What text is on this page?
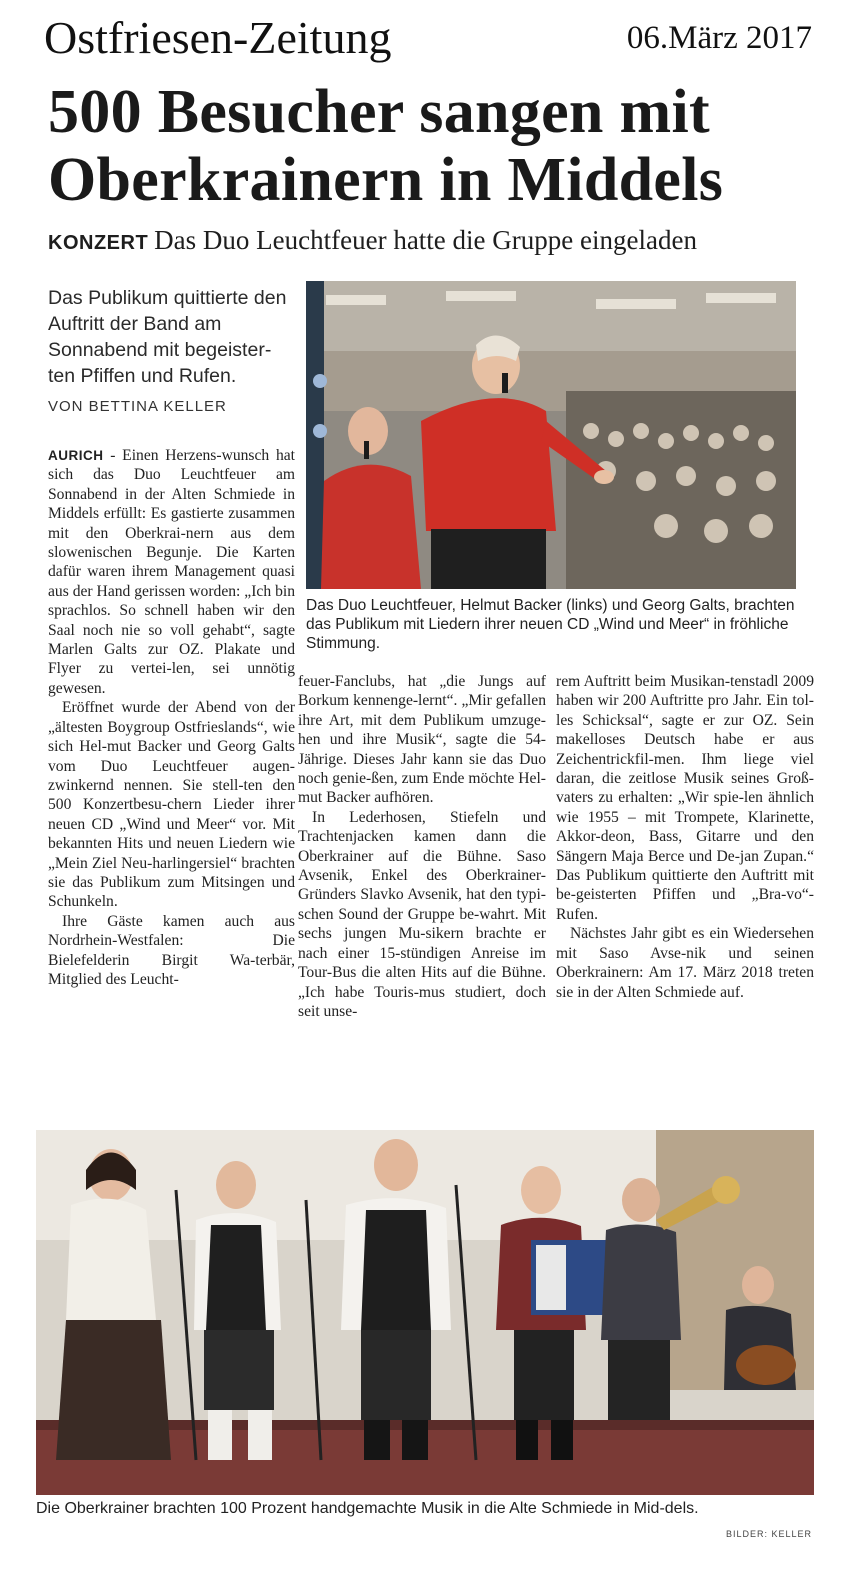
Ostfriesen-Zeitung	06.März 2017
500 Besucher sangen mit Oberkrainern in Middels
KONZERT Das Duo Leuchtfeuer hatte die Gruppe eingeladen
Das Publikum quittierte den Auftritt der Band am Sonnabend mit begeister-ten Pfiffen und Rufen.
VON BETTINA KELLER
Das Duo Leuchtfeuer, Helmut Backer (links) und Georg Galts, brachten das Publikum mit Liedern ihrer neuen CD „Wind und Meer“ in fröhliche Stimmung.

AURICH - Einen Herzens-wunsch hat sich das Duo Leuchtfeuer am Sonnabend in der Alten Schmiede in Middels erfüllt: Es gastierte zusammen mit den Oberkrai-nern aus dem slowenischen Begunje. Die Karten dafür waren ihrem Management quasi aus der Hand gerissen worden: „Ich bin sprachlos. So schnell haben wir den Saal noch nie so voll gehabt“, sagte Marlen Galts zur OZ. Plakate und Flyer zu vertei-len, sei unnötig gewesen.

Eröffnet wurde der Abend von der „ältesten Boygroup Ostfrieslands“, wie sich Hel-mut Backer und Georg Galts vom Duo Leuchtfeuer augen-zwinkernd nennen. Sie stell-ten den 500 Konzertbesu-chern Lieder ihrer neuen CD „Wind und Meer“ vor. Mit bekannten Hits und neuen Liedern wie „Mein Ziel Neu-harlingersiel“ brachten sie das Publikum zum Mitsingen und Schunkeln.

Ihre Gäste kamen auch aus Nordrhein-Westfalen: Die Bielefelderin Birgit Wa-terbär, Mitglied des Leucht-

feuer-Fanclubs, hat „die Jungs auf Borkum kennenge-lernt“. „Mir gefallen ihre Art, mit dem Publikum umzuge-hen und ihre Musik“, sagte die 54-Jährige. Dieses Jahr kann sie das Duo noch genie-ßen, zum Ende möchte Hel-mut Backer aufhören.

In Lederhosen, Stiefeln und Trachtenjacken kamen dann die Oberkrainer auf die Bühne. Saso Avsenik, Enkel des Oberkrainer-Gründers Slavko Avsenik, hat den typi-schen Sound der Gruppe be-wahrt. Mit sechs jungen Mu-sikern brachte er nach einer 15-stündigen Anreise im Tour-Bus die alten Hits auf die Bühne. „Ich habe Touris-mus studiert, doch seit unse-

rem Auftritt beim Musikan-tenstadl 2009 haben wir 200 Auftritte pro Jahr. Ein tol-les Schicksal“, sagte er zur OZ. Sein makelloses Deutsch habe er aus Zeichentrickfil-men. Ihm liege viel daran, die zeitlose Musik seines Groß-vaters zu erhalten: „Wir spie-len ähnlich wie 1955 – mit Trompete, Klarinette, Akkor-deon, Bass, Gitarre und den Sängern Maja Berce und De-jan Zupan.“ Das Publikum quittierte den Auftritt mit be-geisterten Pfiffen und „Bra-vo“-Rufen.

Nächstes Jahr gibt es ein Wiedersehen mit Saso Avse-nik und seinen Oberkrainern: Am 17. März 2018 treten sie in der Alten Schmiede auf.

Die Oberkrainer brachten 100 Prozent handgemachte Musik in die Alte Schmiede in Mid-dels.
BILDER: KELLER
